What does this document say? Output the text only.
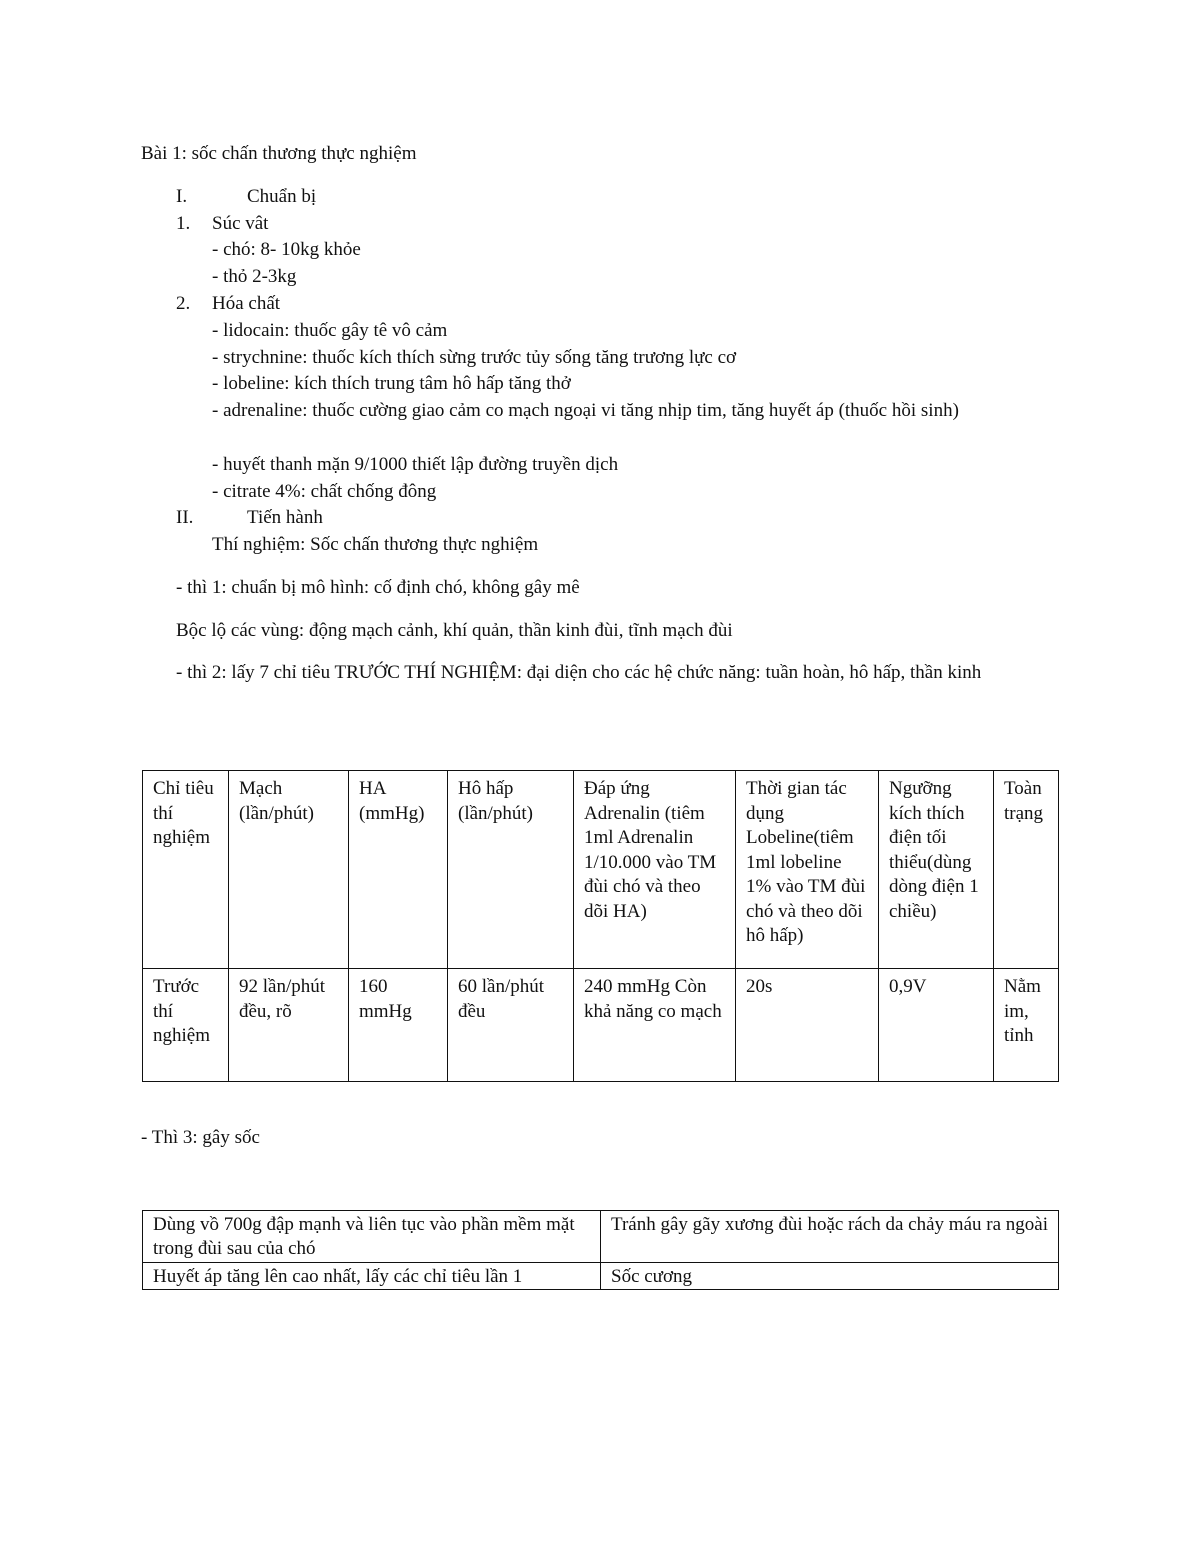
Bài 1: sốc chấn thương thực nghiệm
I.	Chuẩn bị
1. Súc vât
- chó: 8- 10kg khỏe
- thỏ 2-3kg
2. Hóa chất
- lidocain: thuốc gây tê vô cảm
- strychnine: thuốc kích thích sừng trước tủy sống tăng trương lực cơ
- lobeline: kích thích trung tâm hô hấp tăng thở
- adrenaline: thuốc cường giao cảm co mạch ngoại vi tăng nhịp tim, tăng huyết áp (thuốc hồi sinh)
- huyết thanh mặn 9/1000 thiết lập đường truyền dịch
- citrate 4%: chất chống đông
II.	Tiến hành
Thí nghiệm: Sốc chấn thương thực nghiệm
- thì 1: chuẩn bị mô hình: cố định chó, không gây mê
Bộc lộ các vùng: động mạch cảnh, khí quản, thần kinh đùi, tĩnh mạch đùi
- thì 2: lấy 7 chỉ tiêu TRƯỚC THÍ NGHIỆM: đại diện cho các hệ chức năng: tuần hoàn, hô hấp, thần kinh
Chỉ tiêu thí nghiệm	Mạch (lần/phút)	HA (mmHg)	Hô hấp (lần/phút)	Đáp ứng Adrenalin (tiêm 1ml Adrenalin 1/10.000 vào TM đùi chó và theo dõi HA)	Thời gian tác dụng Lobeline(tiêm 1ml lobeline 1% vào TM đùi chó và theo dõi hô hấp)	Ngưỡng kích thích điện tối thiểu(dùng dòng điện 1 chiều)	Toàn trạng
Trước thí nghiệm	92 lần/phút đều, rõ	160 mmHg	60 lần/phút đều	240 mmHg Còn khả năng co mạch	20s	0,9V	Nằm im, tỉnh
- Thì 3: gây sốc
Dùng vồ 700g đập mạnh và liên tục vào phần mềm mặt trong đùi sau của chó	Tránh gây gãy xương đùi hoặc rách da chảy máu ra ngoài
Huyết áp tăng lên cao nhất, lấy các chỉ tiêu lần 1	Sốc cương
